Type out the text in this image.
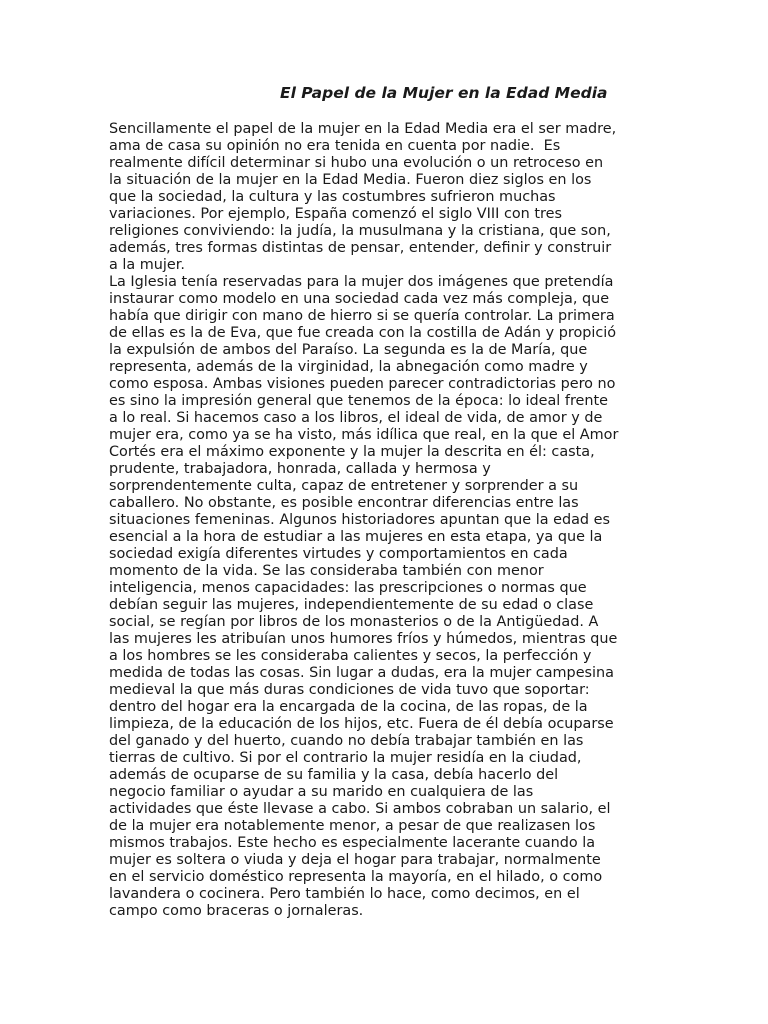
El Papel de la Mujer en la Edad Media
Sencillamente el papel de la mujer en la Edad Media era el ser madre,
ama de casa su opinión no era tenida en cuenta por nadie.  Es
realmente difícil determinar si hubo una evolución o un retroceso en
la situación de la mujer en la Edad Media. Fueron diez siglos en los
que la sociedad, la cultura y las costumbres sufrieron muchas
variaciones. Por ejemplo, España comenzó el siglo VIII con tres
religiones conviviendo: la judía, la musulmana y la cristiana, que son,
además, tres formas distintas de pensar, entender, definir y construir
a la mujer.
La Iglesia tenía reservadas para la mujer dos imágenes que pretendía
instaurar como modelo en una sociedad cada vez más compleja, que
había que dirigir con mano de hierro si se quería controlar. La primera
de ellas es la de Eva, que fue creada con la costilla de Adán y propició
la expulsión de ambos del Paraíso. La segunda es la de María, que
representa, además de la virginidad, la abnegación como madre y
como esposa. Ambas visiones pueden parecer contradictorias pero no
es sino la impresión general que tenemos de la época: lo ideal frente
a lo real. Si hacemos caso a los libros, el ideal de vida, de amor y de
mujer era, como ya se ha visto, más idílica que real, en la que el Amor
Cortés era el máximo exponente y la mujer la descrita en él: casta,
prudente, trabajadora, honrada, callada y hermosa y
sorprendentemente culta, capaz de entretener y sorprender a su
caballero. No obstante, es posible encontrar diferencias entre las
situaciones femeninas. Algunos historiadores apuntan que la edad es
esencial a la hora de estudiar a las mujeres en esta etapa, ya que la
sociedad exigía diferentes virtudes y comportamientos en cada
momento de la vida. Se las consideraba también con menor
inteligencia, menos capacidades: las prescripciones o normas que
debían seguir las mujeres, independientemente de su edad o clase
social, se regían por libros de los monasterios o de la Antigüedad. A
las mujeres les atribuían unos humores fríos y húmedos, mientras que
a los hombres se les consideraba calientes y secos, la perfección y
medida de todas las cosas. Sin lugar a dudas, era la mujer campesina
medieval la que más duras condiciones de vida tuvo que soportar:
dentro del hogar era la encargada de la cocina, de las ropas, de la
limpieza, de la educación de los hijos, etc. Fuera de él debía ocuparse
del ganado y del huerto, cuando no debía trabajar también en las
tierras de cultivo. Si por el contrario la mujer residía en la ciudad,
además de ocuparse de su familia y la casa, debía hacerlo del
negocio familiar o ayudar a su marido en cualquiera de las
actividades que éste llevase a cabo. Si ambos cobraban un salario, el
de la mujer era notablemente menor, a pesar de que realizasen los
mismos trabajos. Este hecho es especialmente lacerante cuando la
mujer es soltera o viuda y deja el hogar para trabajar, normalmente
en el servicio doméstico representa la mayoría, en el hilado, o como
lavandera o cocinera. Pero también lo hace, como decimos, en el
campo como braceras o jornaleras.
